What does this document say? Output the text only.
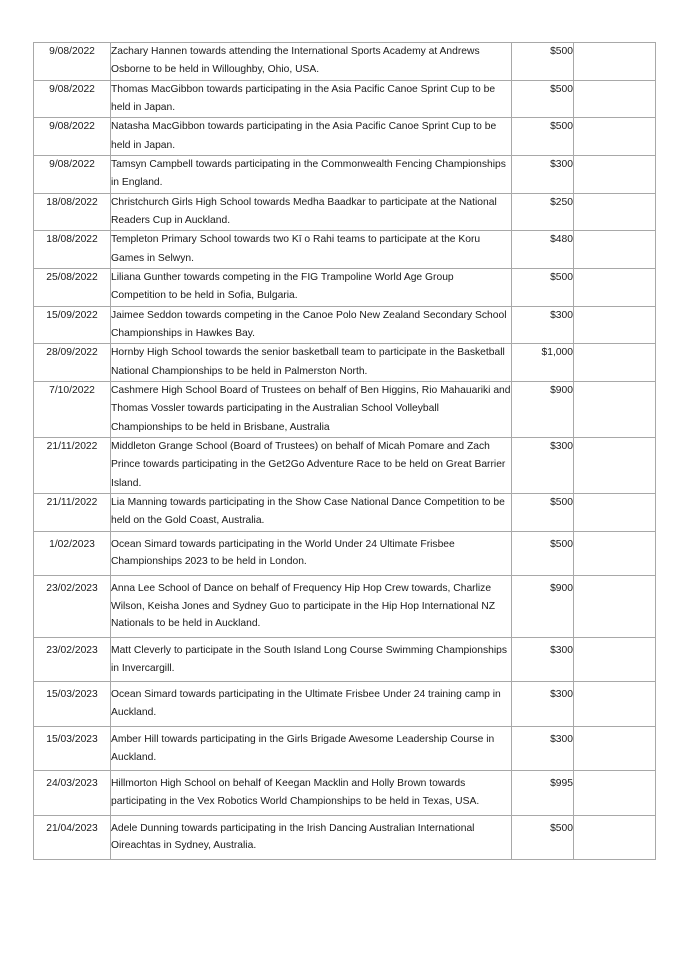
9/08/2022	Zachary Hannen towards attending the International Sports Academy at Andrews Osborne to be held in Willoughby, Ohio, USA.	$500	
9/08/2022	Thomas MacGibbon towards participating in the Asia Pacific Canoe Sprint Cup to be held in Japan.	$500	
9/08/2022	Natasha MacGibbon towards participating in the Asia Pacific Canoe Sprint Cup to be held in Japan.	$500	
9/08/2022	Tamsyn Campbell towards participating in the Commonwealth Fencing Championships in England.	$300	
18/08/2022	Christchurch Girls High School towards Medha Baadkar to participate at the National Readers Cup in Auckland.	$250	
18/08/2022	Templeton Primary School towards two Kī o Rahi teams to participate at the Koru Games in Selwyn.	$480	
25/08/2022	Liliana Gunther towards competing in the FIG Trampoline World Age Group Competition to be held in Sofia, Bulgaria.	$500	
15/09/2022	Jaimee Seddon towards competing in the Canoe Polo New Zealand Secondary School Championships in Hawkes Bay.	$300	
28/09/2022	Hornby High School towards the senior basketball team to participate in the Basketball National Championships to be held in Palmerston North.	$1,000	
7/10/2022	Cashmere High School Board of Trustees on behalf of Ben Higgins, Rio Mahauariki and Thomas Vossler towards participating in the Australian School Volleyball Championships to be held in Brisbane, Australia	$900	
21/11/2022	Middleton Grange School (Board of Trustees) on behalf of Micah Pomare and Zach Prince towards participating in the Get2Go Adventure Race to be held on Great Barrier Island.	$300	
21/11/2022	Lia Manning towards participating in the Show Case National Dance Competition to be held on the Gold Coast, Australia.	$500	
1/02/2023	Ocean Simard towards participating in the World Under 24 Ultimate Frisbee Championships 2023 to be held in London.	$500	
23/02/2023	Anna Lee School of Dance on behalf of Frequency Hip Hop Crew towards, Charlize Wilson, Keisha Jones and Sydney Guo to participate in the Hip Hop International NZ Nationals to be held in Auckland.	$900	
23/02/2023	Matt Cleverly to participate in the South Island Long Course Swimming Championships in Invercargill.	$300	
15/03/2023	Ocean Simard towards participating in the Ultimate Frisbee Under 24 training camp in Auckland.	$300	
15/03/2023	Amber Hill towards participating in the Girls Brigade Awesome Leadership Course in Auckland.	$300	
24/03/2023	Hillmorton High School on behalf of Keegan Macklin and Holly Brown towards participating in the Vex Robotics World Championships to be held in Texas, USA.	$995	
21/04/2023	Adele Dunning towards participating in the Irish Dancing Australian International Oireachtas in Sydney, Australia.	$500	
